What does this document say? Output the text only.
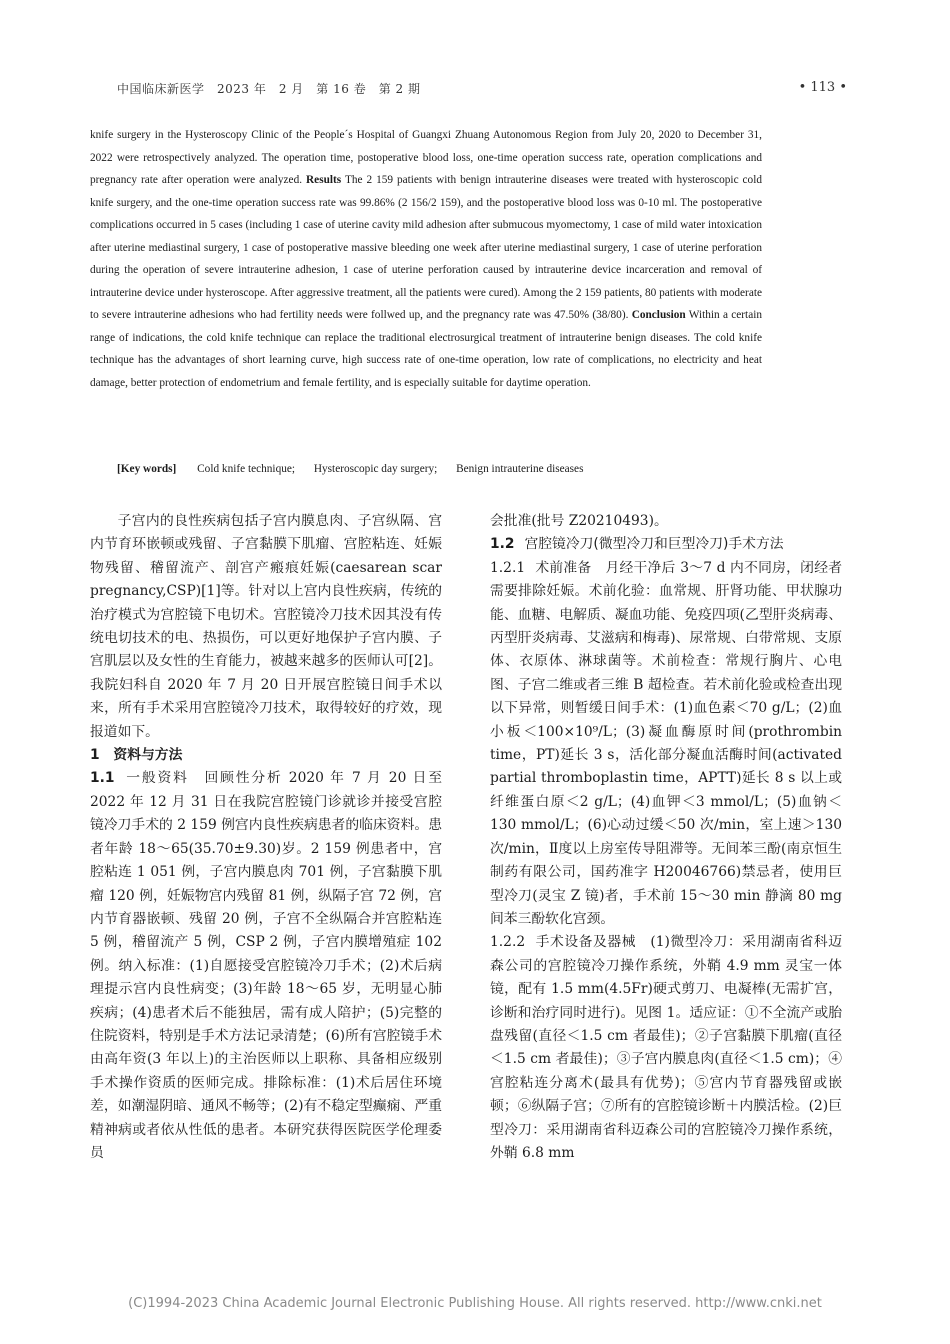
中国临床新医学　2023 年　2 月　第 16 卷　第 2 期	• 113 •
knife surgery in the Hysteroscopy Clinic of the People´s Hospital of Guangxi Zhuang Autonomous Region from July 20, 2020 to December 31, 2022 were retrospectively analyzed. The operation time, postoperative blood loss, one-time operation success rate, operation complications and pregnancy rate after operation were analyzed. Results The 2 159 patients with benign intrauterine diseases were treated with hysteroscopic cold knife surgery, and the one-time operation success rate was 99.86% (2 156/2 159), and the postoperative blood loss was 0-10 ml. The postoperative complications occurred in 5 cases (including 1 case of uterine cavity mild adhesion after submucous myomectomy, 1 case of mild water intoxication after uterine mediastinal surgery, 1 case of postoperative massive bleeding one week after uterine mediastinal surgery, 1 case of uterine perforation during the operation of severe intrauterine adhesion, 1 case of uterine perforation caused by intrauterine device incarceration and removal of intrauterine device under hysteroscope. After aggressive treatment, all the patients were cured). Among the 2 159 patients, 80 patients with moderate to severe intrauterine adhesions who had fertility needs were follwed up, and the pregnancy rate was 47.50% (38/80). Conclusion Within a certain range of indications, the cold knife technique can replace the traditional electrosurgical treatment of intrauterine benign diseases. The cold knife technique has the advantages of short learning curve, high success rate of one-time operation, low rate of complications, no electricity and heat damage, better protection of endometrium and female fertility, and is especially suitable for daytime operation.
[Key words] Cold knife technique; Hysteroscopic day surgery; Benign intrauterine diseases

子宫内的良性疾病包括子宫内膜息肉、子宫纵隔、宫内节育环嵌顿或残留、子宫黏膜下肌瘤、宫腔粘连、妊娠物残留、稽留流产、剖宫产瘢痕妊娠(caesarean scar pregnancy,CSP)[1]等。针对以上宫内良性疾病，传统的治疗模式为宫腔镜下电切术。宫腔镜冷刀技术因其没有传统电切技术的电、热损伤，可以更好地保护子宫内膜、子宫肌层以及女性的生育能力，被越来越多的医师认可[2]。我院妇科自 2020 年 7 月 20 日开展宫腔镜日间手术以来，所有手术采用宫腔镜冷刀技术，取得较好的疗效，现报道如下。

1　 资料与方法

1.1 一般资料　 回顾性分析 2020 年 7 月 20 日至 2022 年 12 月 31 日在我院宫腔镜门诊就诊并接受宫腔镜冷刀手术的 2 159 例宫内良性疾病患者的临床资料。患者年龄 18～65(35.70±9.30)岁。2 159 例患者中，宫腔粘连 1 051 例，子宫内膜息肉 701 例，子宫黏膜下肌瘤 120 例，妊娠物宫内残留 81 例，纵隔子宫 72 例，宫内节育器嵌顿、残留 20 例，子宫不全纵隔合并宫腔粘连 5 例，稽留流产 5 例，CSP 2 例，子宫内膜增殖症 102 例。纳入标准：(1)自愿接受宫腔镜冷刀手术；(2)术后病理提示宫内良性病变；(3)年龄 18～65 岁，无明显心肺疾病；(4)患者术后不能独居，需有成人陪护；(5)完整的住院资料，特别是手术方法记录清楚；(6)所有宫腔镜手术由高年资(3 年以上)的主治医师以上职称、具备相应级别手术操作资质的医师完成。排除标准：(1)术后居住环境差，如潮湿阴暗、通风不畅等；(2)有不稳定型癫痫、严重精神病或者依从性低的患者。本研究获得医院医学伦理委员

会批准(批号 Z20210493)。

1.2 宫腔镜冷刀(微型冷刀和巨型冷刀)手术方法

1.2.1 术前准备　 月经干净后 3～7 d 内不同房，闭经者需要排除妊娠。术前化验：血常规、肝肾功能、甲状腺功能、血糖、电解质、凝血功能、免疫四项(乙型肝炎病毒、丙型肝炎病毒、艾滋病和梅毒)、尿常规、白带常规、支原体、衣原体、淋球菌等。术前检查：常规行胸片、心电图、子宫二维或者三维 B 超检查。若术前化验或检查出现以下异常，则暂缓日间手术：(1)血色素＜70 g/L；(2)血小板＜100×10⁹/L；(3)凝血酶原时间(prothrombin time，PT)延长 3 s，活化部分凝血活酶时间(activated partial thromboplastin time，APTT)延长 8 s 以上或纤维蛋白原＜2 g/L；(4)血钾＜3 mmol/L；(5)血钠＜130 mmol/L；(6)心动过缓＜50 次/min，室上速＞130 次/min，Ⅱ度以上房室传导阻滞等。无间苯三酚(南京恒生制药有限公司，国药准字 H20046766)禁忌者，使用巨型冷刀(灵宝 Z 镜)者，手术前 15～30 min 静滴 80 mg 间苯三酚软化宫颈。

1.2.2 手术设备及器械　 (1)微型冷刀：采用湖南省科迈森公司的宫腔镜冷刀操作系统，外鞘 4.9 mm 灵宝一体镜，配有 1.5 mm(4.5Fr)硬式剪刀、电凝棒(无需扩宫，诊断和治疗同时进行)。见图 1。适应证：①不全流产或胎盘残留(直径＜1.5 cm 者最佳)；②子宫黏膜下肌瘤(直径＜1.5 cm 者最佳)；③子宫内膜息肉(直径＜1.5 cm)；④宫腔粘连分离术(最具有优势)；⑤宫内节育器残留或嵌顿；⑥纵隔子宫；⑦所有的宫腔镜诊断＋内膜活检。(2)巨型冷刀：采用湖南省科迈森公司的宫腔镜冷刀操作系统，外鞘 6.8 mm

(C)1994-2023 China Academic Journal Electronic Publishing House. All rights reserved. http://www.cnki.net
